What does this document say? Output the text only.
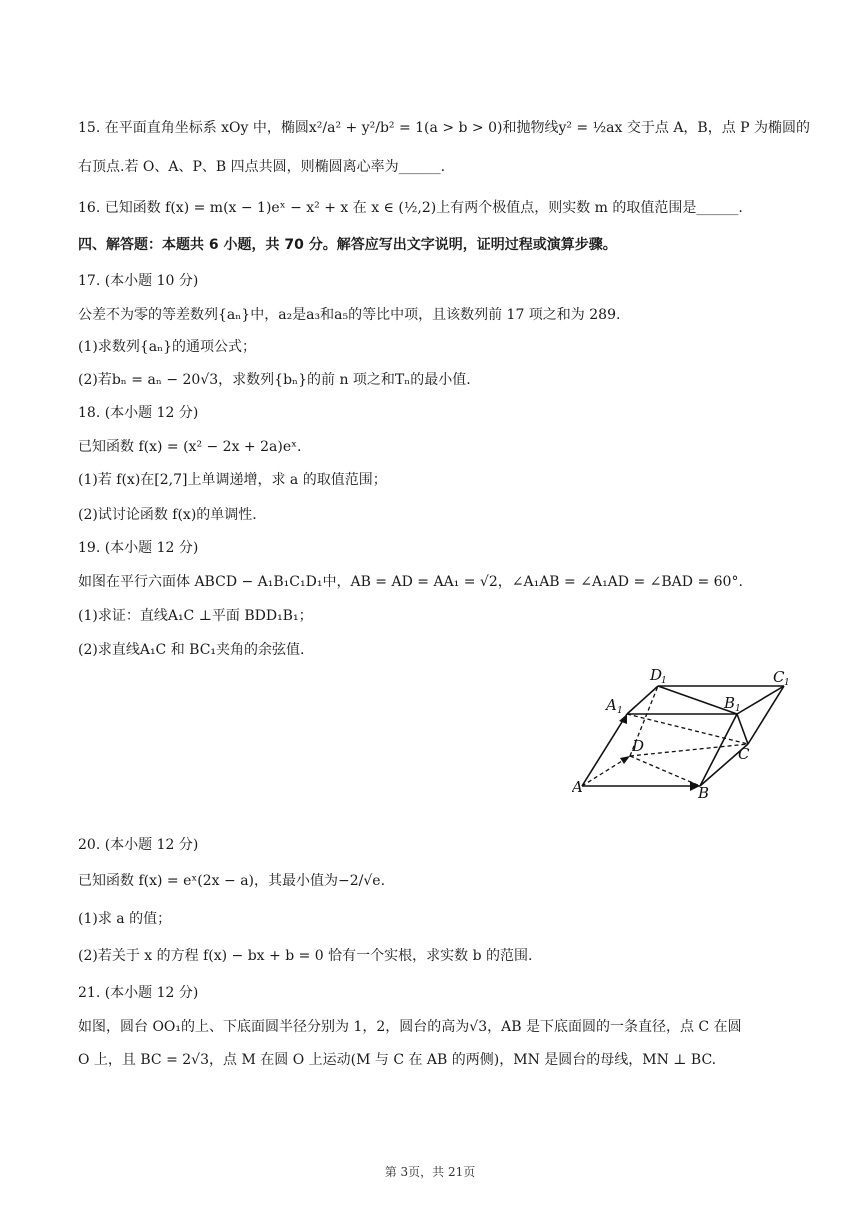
15. 在平面直角坐标系 xOy 中，椭圆x²/a² + y²/b² = 1(a > b > 0)和抛物线y² = ½ax 交于点 A，B，点 P 为椭圆的
右顶点.若 O、A、P、B 四点共圆，则椭圆离心率为______.
16. 已知函数 f(x) = m(x − 1)eˣ − x² + x 在 x ∈ (½,2)上有两个极值点，则实数 m 的取值范围是______.
四、解答题：本题共 6 小题，共 70 分。解答应写出文字说明，证明过程或演算步骤。
17. (本小题 10 分)
公差不为零的等差数列{aₙ}中，a₂是a₃和a₅的等比中项，且该数列前 17 项之和为 289.
(1)求数列{aₙ}的通项公式；
(2)若bₙ = aₙ − 20√3，求数列{bₙ}的前 n 项之和Tₙ的最小值.
18. (本小题 12 分)
已知函数 f(x) = (x² − 2x + 2a)eˣ.
(1)若 f(x)在[2,7]上单调递增，求 a 的取值范围；
(2)试讨论函数 f(x)的单调性.
19. (本小题 12 分)
如图在平行六面体 ABCD − A₁B₁C₁D₁中，AB = AD = AA₁ = √2，∠A₁AB = ∠A₁AD = ∠BAD = 60°.
(1)求证：直线A₁C ⊥平面 BDD₁B₁；
(2)求直线A₁C 和 BC₁夹角的余弦值.
A	B
C
D
A 1
D
1
B 1
C 1
20. (本小题 12 分)
已知函数 f(x) = eˣ(2x − a)，其最小值为−2/√e.
(1)求 a 的值；
(2)若关于 x 的方程 f(x) − bx + b = 0 恰有一个实根，求实数 b 的范围.
21. (本小题 12 分)
如图，圆台 OO₁的上、下底面圆半径分别为 1，2，圆台的高为√3，AB 是下底面圆的一条直径，点 C 在圆
O 上，且 BC = 2√3，点 M 在圆 O 上运动(M 与 C 在 AB 的两侧)，MN 是圆台的母线，MN ⊥ BC.
第 3页，共 21页
